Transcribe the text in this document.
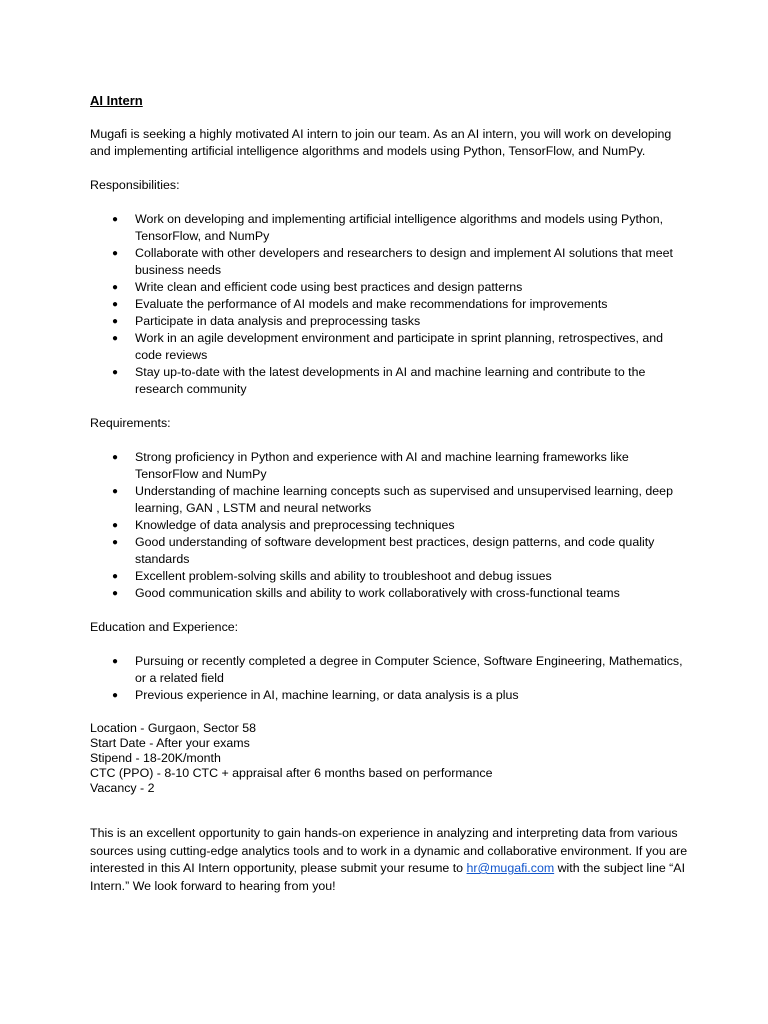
AI Intern

Mugafi is seeking a highly motivated AI intern to join our team. As an AI intern, you will work on developing and implementing artificial intelligence algorithms and models using Python, TensorFlow, and NumPy.

Responsibilities:

● Work on developing and implementing artificial intelligence algorithms and models using Python, TensorFlow, and NumPy
● Collaborate with other developers and researchers to design and implement AI solutions that meet business needs
● Write clean and efficient code using best practices and design patterns
● Evaluate the performance of AI models and make recommendations for improvements
● Participate in data analysis and preprocessing tasks
● Work in an agile development environment and participate in sprint planning, retrospectives, and code reviews
● Stay up-to-date with the latest developments in AI and machine learning and contribute to the research community

Requirements:

● Strong proficiency in Python and experience with AI and machine learning frameworks like TensorFlow and NumPy
● Understanding of machine learning concepts such as supervised and unsupervised learning, deep learning, GAN , LSTM and neural networks
● Knowledge of data analysis and preprocessing techniques
● Good understanding of software development best practices, design patterns, and code quality standards
● Excellent problem-solving skills and ability to troubleshoot and debug issues
● Good communication skills and ability to work collaboratively with cross-functional teams

Education and Experience:

● Pursuing or recently completed a degree in Computer Science, Software Engineering, Mathematics, or a related field
● Previous experience in AI, machine learning, or data analysis is a plus
Location - Gurgaon, Sector 58
Start Date - After your exams
Stipend - 18-20K/month
CTC (PPO) - 8-10 CTC + appraisal after 6 months based on performance
Vacancy - 2

This is an excellent opportunity to gain hands-on experience in analyzing and interpreting data from various sources using cutting-edge analytics tools and to work in a dynamic and collaborative environment. If you are interested in this AI Intern opportunity, please submit your resume to hr@mugafi.com with the subject line “AI Intern.” We look forward to hearing from you!
